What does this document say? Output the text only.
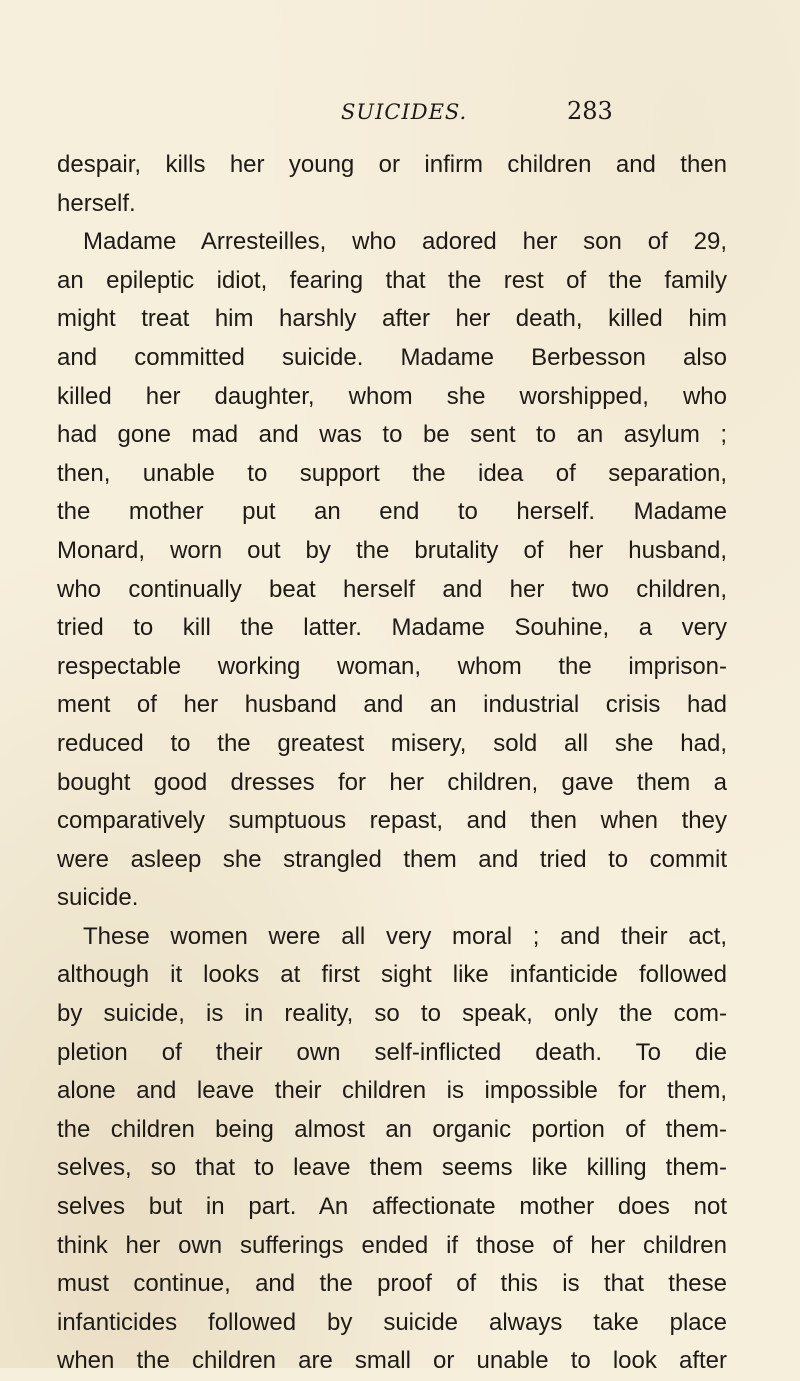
SUICIDES.	283
despair, kills her young or infirm children and then
herself.
Madame Arresteilles, who adored her son of 29,
an epileptic idiot, fearing that the rest of the family
might treat him harshly after her death, killed him
and committed suicide. Madame Berbesson also
killed her daughter, whom she worshipped, who
had gone mad and was to be sent to an asylum ;
then, unable to support the idea of separation,
the mother put an end to herself. Madame
Monard, worn out by the brutality of her husband,
who continually beat herself and her two children,
tried to kill the latter. Madame Souhine, a very
respectable working woman, whom the imprison-
ment of her husband and an industrial crisis had
reduced to the greatest misery, sold all she had,
bought good dresses for her children, gave them a
comparatively sumptuous repast, and then when they
were asleep she strangled them and tried to commit
suicide.
These women were all very moral ; and their act,
although it looks at first sight like infanticide followed
by suicide, is in reality, so to speak, only the com-
pletion of their own self-inflicted death. To die
alone and leave their children is impossible for them,
the children being almost an organic portion of them-
selves, so that to leave them seems like killing them-
selves but in part. An affectionate mother does not
think her own sufferings ended if those of her children
must continue, and the proof of this is that these
infanticides followed by suicide always take place
when the children are small or unable to look after
